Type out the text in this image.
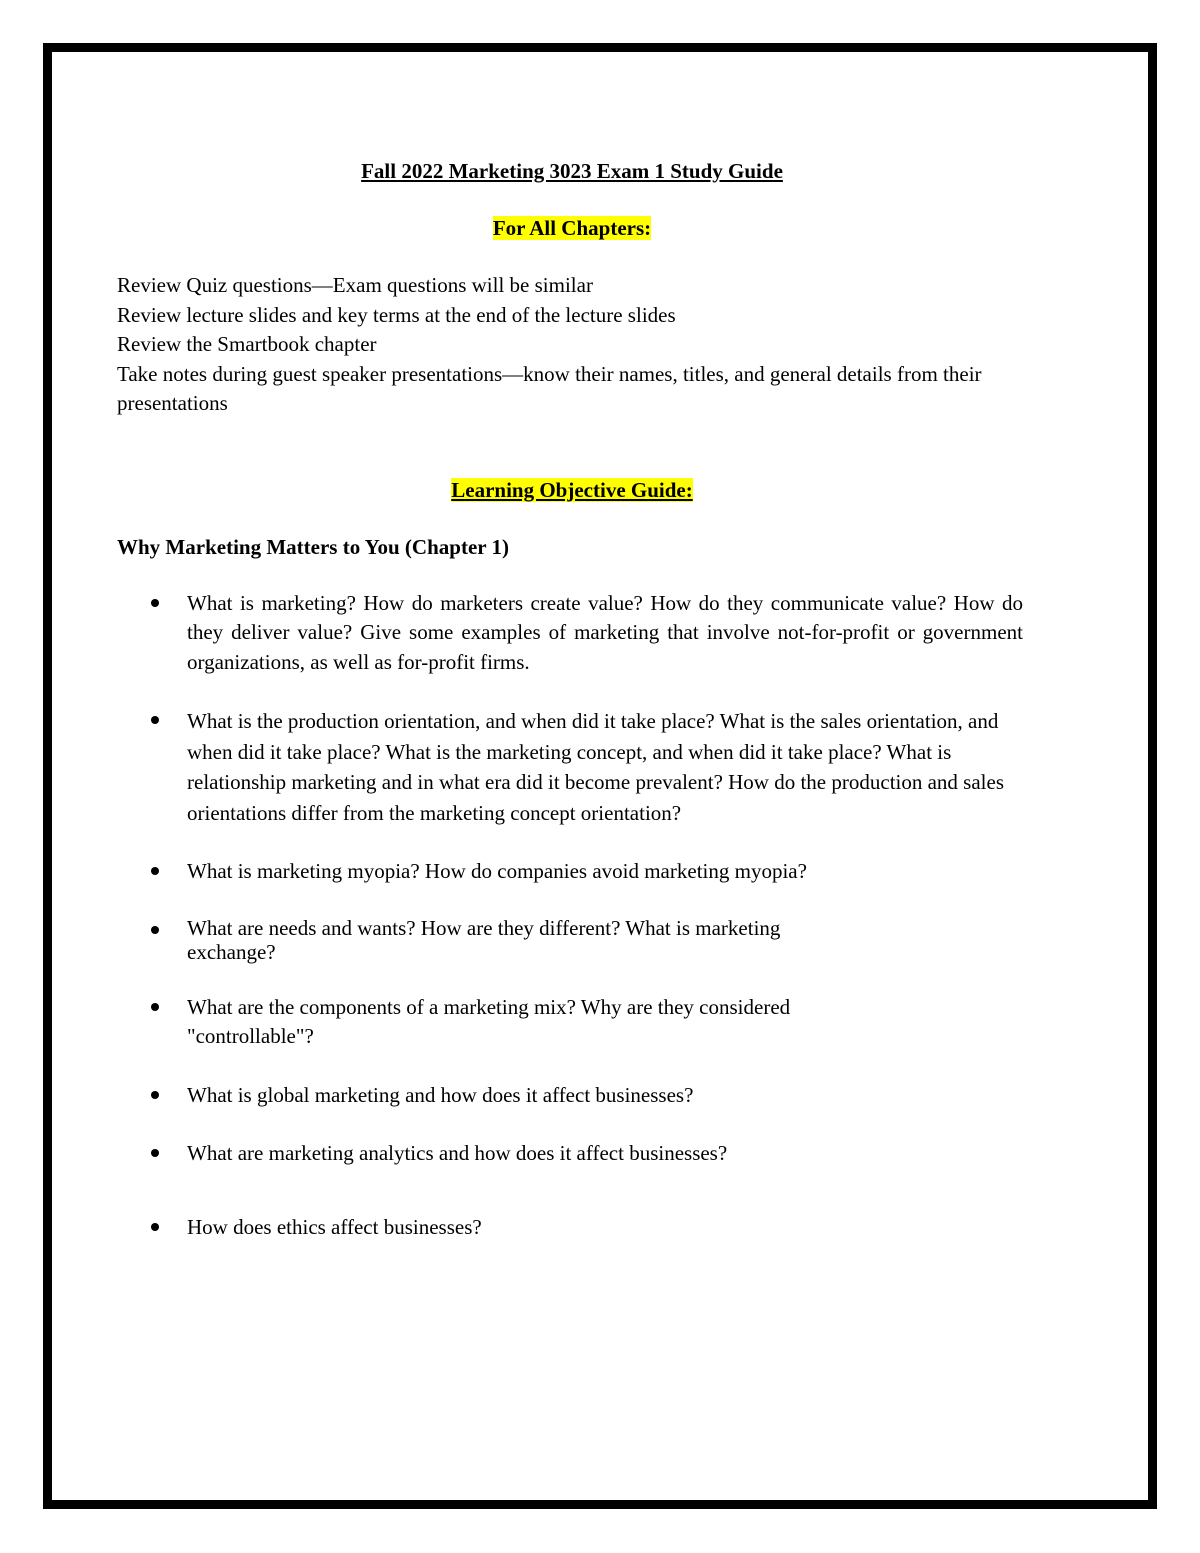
Fall 2022 Marketing 3023 Exam 1 Study Guide
For All Chapters:
Review Quiz questions—Exam questions will be similar
Review lecture slides and key terms at the end of the lecture slides
Review the Smartbook chapter
Take notes during guest speaker presentations—know their names, titles, and general details from their presentations
Learning Objective Guide:
Why Marketing Matters to You (Chapter 1)
What is marketing? How do marketers create value? How do they communicate value? How do they deliver value? Give some examples of marketing that involve not-for-profit or government organizations, as well as for-profit firms.
What is the production orientation, and when did it take place? What is the sales orientation, and when did it take place? What is the marketing concept, and when did it take place? What is relationship marketing and in what era did it become prevalent? How do the production and sales orientations differ from the marketing concept orientation?
What is marketing myopia? How do companies avoid marketing myopia?
What are needs and wants? How are they different? What is marketing exchange?
What are the components of a marketing mix? Why are they considered "controllable"?
What is global marketing and how does it affect businesses?
What are marketing analytics and how does it affect businesses?
How does ethics affect businesses?
